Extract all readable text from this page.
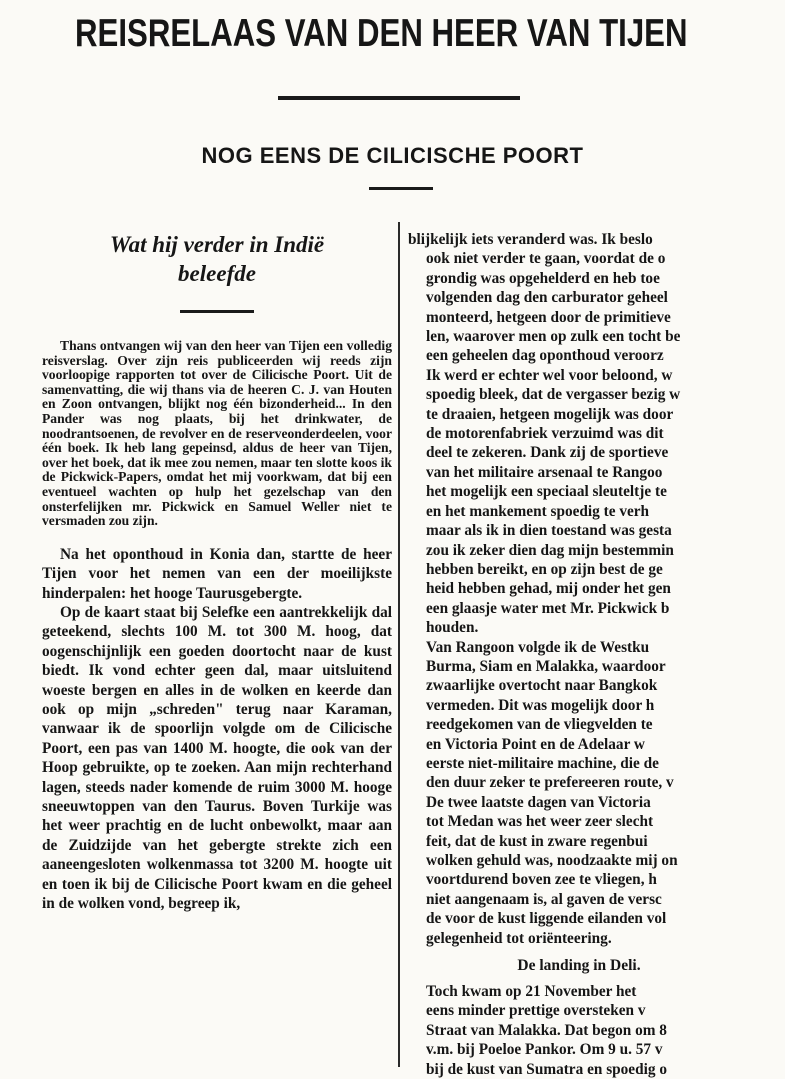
REISRELAAS VAN DEN HEER VAN TIJEN
NOG EENS DE CILICISCHE POORT
Wat hij verder in Indië
beleefde

Thans ontvangen wij van den heer van Tijen een volledig reisverslag. Over zijn reis publiceerden wij reeds zijn voorloopige rapporten tot over de Cilicische Poort. Uit de samenvatting, die wij thans via de heeren C. J. van Houten en Zoon ontvangen, blijkt nog één bizonderheid... In den Pander was nog plaats, bij het drinkwater, de noodrantsoenen, de revolver en de reserveonderdeelen, voor één boek. Ik heb lang gepeinsd, aldus de heer van Tijen, over het boek, dat ik mee zou nemen, maar ten slotte koos ik de Pickwick-Papers, omdat het mij voorkwam, dat bij een eventueel wachten op hulp het gezelschap van den onsterfelijken mr. Pickwick en Samuel Weller niet te versmaden zou zijn.

Na het oponthoud in Konia dan, startte de heer Tijen voor het nemen van een der moeilijkste hinderpalen: het hooge Taurusgebergte.

Op de kaart staat bij Selefke een aantrekkelijk dal geteekend, slechts 100 M. tot 300 M. hoog, dat oogenschijnlijk een goeden doortocht naar de kust biedt. Ik vond echter geen dal, maar uitsluitend woeste bergen en alles in de wolken en keerde dan ook op mijn „schreden" terug naar Karaman, vanwaar ik de spoorlijn volgde om de Cilicische Poort, een pas van 1400 M. hoogte, die ook van der Hoop gebruikte, op te zoeken. Aan mijn rechterhand lagen, steeds nader komende de ruim 3000 M. hooge sneeuwtoppen van den Taurus. Boven Turkije was het weer prachtig en de lucht onbewolkt, maar aan de Zuidzijde van het gebergte strekte zich een aaneengesloten wolkenmassa tot 3200 M. hoogte uit en toen ik bij de Cilicische Poort kwam en die geheel in de wolken vond, begreep ik,

blijkelijk iets veranderd was. Ik beslo

ook niet verder te gaan, voordat de o

grondig was opgehelderd en heb toe

volgenden dag den carburator geheel

monteerd, hetgeen door de primitieve

len, waarover men op zulk een tocht be

een geheelen dag oponthoud veroorz

Ik werd er echter wel voor beloond, w

spoedig bleek, dat de vergasser bezig w

te draaien, hetgeen mogelijk was door

de motorenfabriek verzuimd was dit

deel te zekeren. Dank zij de sportieve

van het militaire arsenaal te Rangoo

het mogelijk een speciaal sleuteltje te

en het mankement spoedig te verh

maar als ik in dien toestand was gesta

zou ik zeker dien dag mijn bestemmin

hebben bereikt, en op zijn best de ge

heid hebben gehad, mij onder het gen

een glaasje water met Mr. Pickwick b

houden.

Van Rangoon volgde ik de Westku

Burma, Siam en Malakka, waardoor

zwaarlijke overtocht naar Bangkok

vermeden. Dit was mogelijk door h

reedgekomen van de vliegvelden te

en Victoria Point en de Adelaar w

eerste niet-militaire machine, die de

den duur zeker te prefereeren route, v

De twee laatste dagen van Victoria

tot Medan was het weer zeer slecht

feit, dat de kust in zware regenbui

wolken gehuld was, noodzaakte mij on

voortdurend boven zee te vliegen, h

niet aangenaam is, al gaven de versc

de voor de kust liggende eilanden vol

gelegenheid tot oriënteering.

De landing in Deli.

Toch kwam op 21 November het

eens minder prettige oversteken v

Straat van Malakka. Dat begon om 8

v.m. bij Poeloe Pankor. Om 9 u. 57 v

bij de kust van Sumatra en spoedig o
